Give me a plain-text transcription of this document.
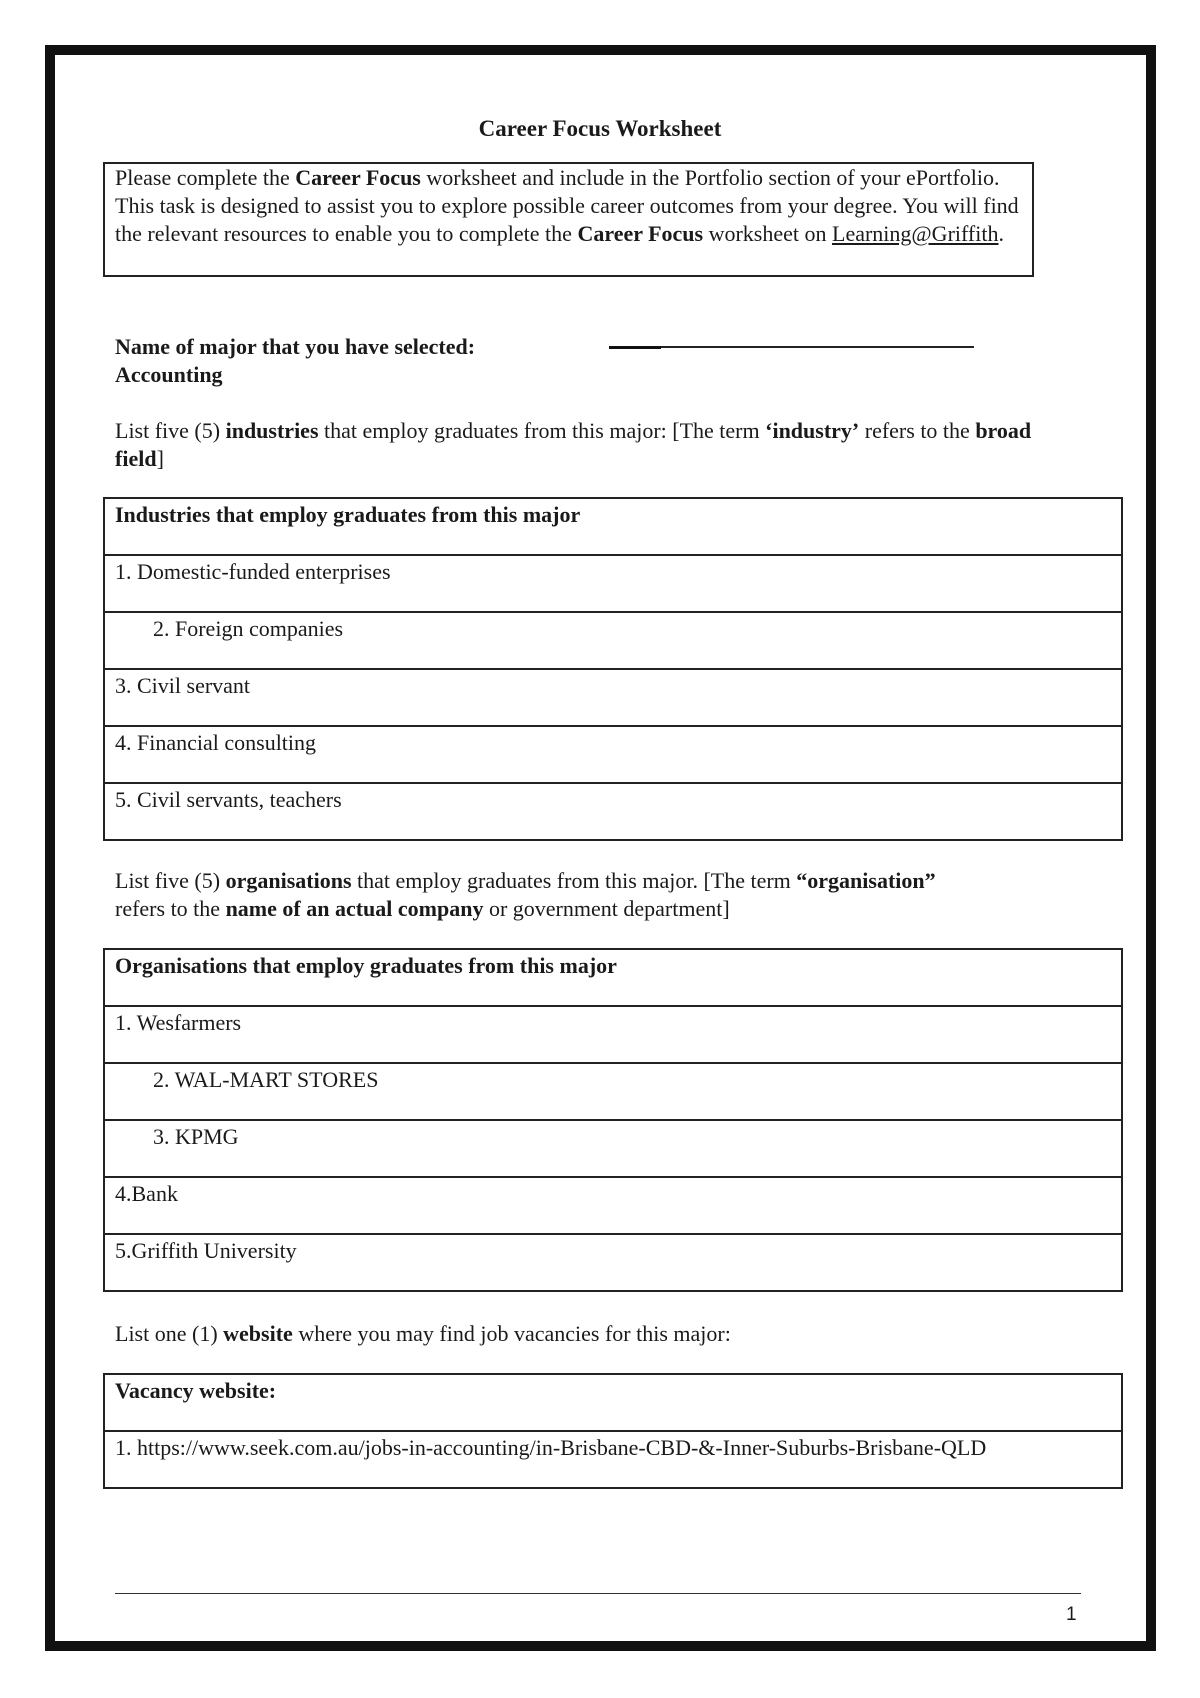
Career Focus Worksheet
Please complete the Career Focus worksheet and include in the Portfolio section of your ePortfolio. This task is designed to assist you to explore possible career outcomes from your degree. You will find the relevant resources to enable you to complete the Career Focus worksheet on Learning@Griffith.
Name of major that you have selected:
Accounting
List five (5) industries that employ graduates from this major: [The term ‘industry’ refers to the broad field]
Industries that employ graduates from this major
1. Domestic-funded enterprises
2. Foreign companies
3. Civil servant
4. Financial consulting
5. Civil servants, teachers
List five (5) organisations that employ graduates from this major. [The term “organisation”
refers to the name of an actual company or government department]
Organisations that employ graduates from this major
1. Wesfarmers
2. WAL-MART STORES
3. KPMG
4.Bank
5.Griffith University
List one (1) website where you may find job vacancies for this major:
Vacancy website:
1. https://www.seek.com.au/jobs-in-accounting/in-Brisbane-CBD-&-Inner-Suburbs-Brisbane-QLD
1
